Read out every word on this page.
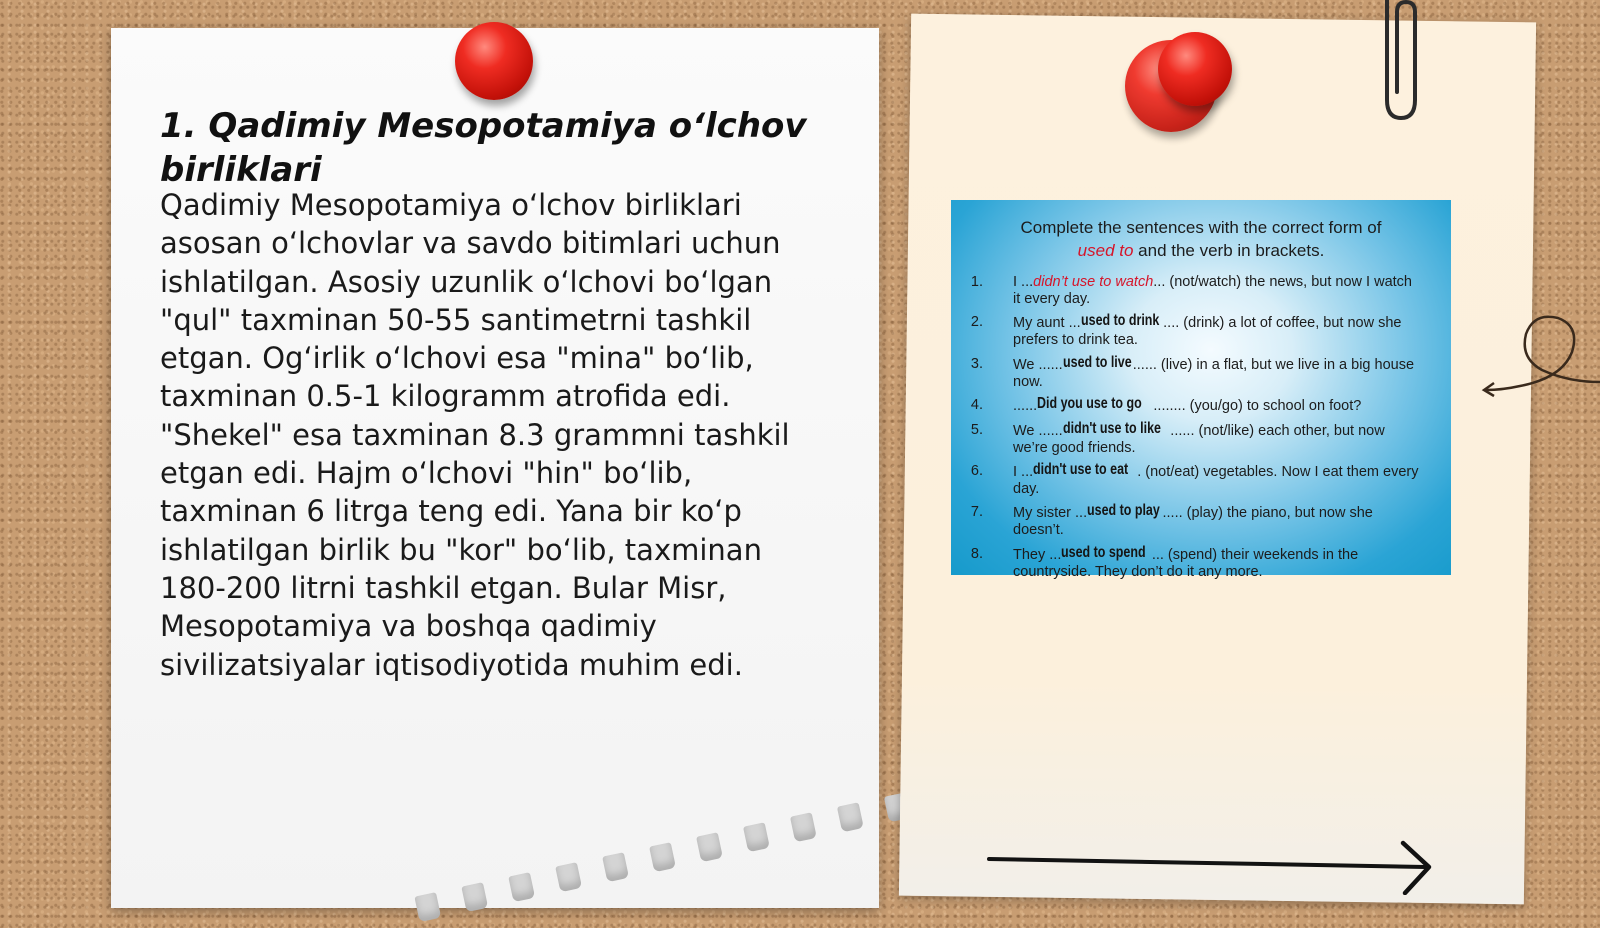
1. Qadimiy Mesopotamiya o‘lchov birliklari

Qadimiy Mesopotamiya o‘lchov birliklari asosan o‘lchovlar va savdo bitimlari uchun ishlatilgan. Asosiy uzunlik o‘lchovi bo‘lgan "qul" taxminan 50-55 santimetrni tashkil etgan. Og‘irlik o‘lchovi esa "mina" bo‘lib, taxminan 0.5-1 kilogramm atrofida edi. "Shekel" esa taxminan 8.3 grammni tashkil etgan edi. Hajm o‘lchovi "hin" bo‘lib, taxminan 6 litrga teng edi. Yana bir ko‘p ishlatilgan birlik bu "kor" bo‘lib, taxminan 180-200 litrni tashkil etgan. Bular Misr, Mesopotamiya va boshqa qadimiy sivilizatsiyalar iqtisodiyotida muhim edi.

Complete the sentences with the correct form of
used to and the verb in brackets.
1.	I ...didn’t use to watch... (not/watch) the news, but now I watch it every day.
2.	My aunt ...used to drink .... (drink) a lot of coffee, but now she prefers to drink tea.
3.	We ......used to live...... (live) in a flat, but we live in a big house now.
4.	......Did you use to go ........ (you/go) to school on foot?
5.	We ......didn't use to like ...... (not/like) each other, but now we’re good friends.
6.	I ...didn't use to eat . (not/eat) vegetables. Now I eat them every day.
7.	My sister ...used to play ..... (play) the piano, but now she doesn’t.
8.	They ...used to spend ... (spend) their weekends in the countryside. They don’t do it any more.
